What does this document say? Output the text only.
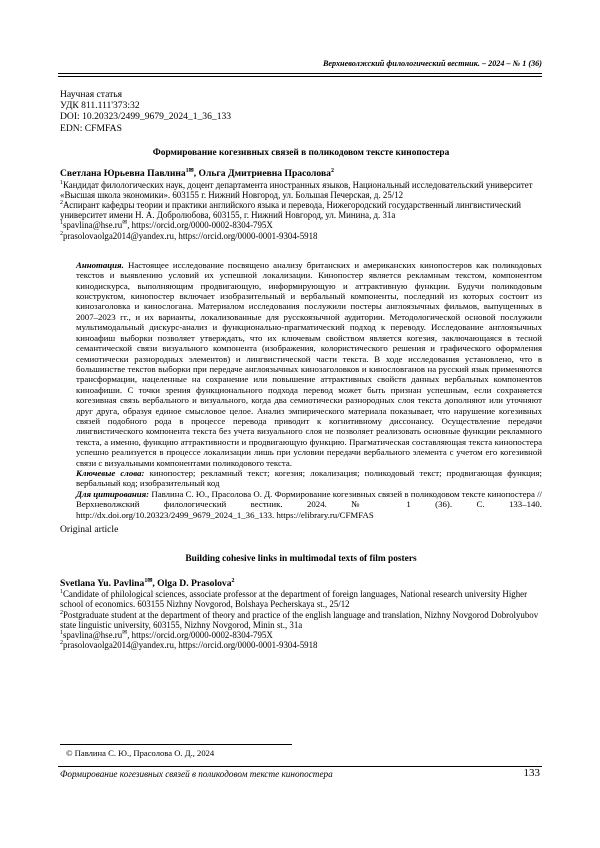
Верхневолжский филологический вестник. – 2024 – № 1 (36)
Научная статья
УДК 811.111'373:32
DOI: 10.20323/2499_9679_2024_1_36_133
EDN: CFMFAS
Формирование когезивных связей в поликодовом тексте кинопостера
Светлана Юрьевна Павлина$^{1✉}$, Ольга Дмитриевна Прасолова$^2$

$^1$Кандидат филологических наук, доцент департамента иностранных языков, Национальный исследовательский университет «Высшая школа экономики». 603155 г. Нижний Новгород, ул. Большая Печерская, д. 25/12

$^2$Аспирант кафедры теории и практики английского языка и перевода, Нижегородский государственный лингвистический университет имени Н. А. Добролюбова, 603155, г. Нижний Новгород, ул. Минина, д. 31а

$^1$spavlina@hse.ru✉, https://orcid.org/0000-0002-8304-795X

$^2$prasolovaolga2014@yandex.ru, https://orcid.org/0000-0001-9304-5918

Аннотация. Настоящее исследование посвящено анализу британских и американских кинопостеров как поликодовых текстов и выявлению условий их успешной локализации. Кинопостер является рекламным текстом, компонентом кинодискурса, выполняющим продвигающую, информирующую и аттрактивную функции. Будучи поликодовым конструктом, кинопостер включает изобразительный и вербальный компоненты, последний из которых состоит из кинозаголовка и кинослогана. Материалом исследования послужили постеры англоязычных фильмов, выпущенных в 2007–2023 гг., и их варианты, локализованные для русскоязычной аудитории. Методологической основой послужили мультимодальный дискурс-анализ и функционально-прагматический подход к переводу. Исследование англоязычных киноафиш выборки позволяет утверждать, что их ключевым свойством является когезия, заключающаяся в тесной семантической связи визуального компонента (изображения, колористического решения и графического оформления семиотически разнородных элементов) и лингвистической части текста. В ходе исследования установлено, что в большинстве текстов выборки при передаче англоязычных кинозаголовков и кинословганов на русский язык применяются трансформации, нацеленные на сохранение или повышение аттрактивных свойств данных вербальных компонентов киноафиши. С точки зрения функционального подхода перевод может быть признан успешным, если сохраняется когезивная связь вербального и визуального, когда два семиотически разнородных слоя текста дополняют или уточняют друг друга, образуя единое смысловое целое. Анализ эмпирического материала показывает, что нарушение когезивных связей подобного рода в процессе перевода приводит к когнитивному диссонансу. Осуществление передачи лингвистического компонента текста без учета визуального слоя не позволяет реализовать основные функции рекламного текста, а именно, функцию аттрактивности и продвигающую функцию. Прагматическая составляющая текста кинопостера успешно реализуется в процессе локализации лишь при условии передачи вербального элемента с учетом его когезивной связи с визуальными компонентами поликодового текста.

Ключевые слова: кинопостер; рекламный текст; когезия; локализация; поликодовый текст; продвигающая функция; вербальный код; изобразительный код

Для цитирования: Павлина С. Ю., Прасолова О. Д. Формирование когезивных связей в поликодовом тексте кинопостера // Верхневолжский филологический вестник. 2024. № 1 (36). С. 133–140. http://dx.doi.org/10.20323/2499_9679_2024_1_36_133. https://elibrary.ru/CFMFAS

Original article
Building cohesive links in multimodal texts of film posters
Svetlana Yu. Pavlina$^{1✉}$, Olga D. Prasolova$^2$

$^1$Candidate of philological sciences, associate professor at the department of foreign languages, National research university Higher school of economics. 603155 Nizhny Novgorod, Bolshaya Pecherskaya st., 25/12

$^2$Postgraduate student at the department of theory and practice of the english language and translation, Nizhny Novgorod Dobrolyubov state linguistic university, 603155, Nizhny Novgorod, Minin st., 31a

$^1$spavlina@hse.ru✉, https://orcid.org/0000-0002-8304-795X

$^2$prasolovaolga2014@yandex.ru, https://orcid.org/0000-0001-9304-5918

© Павлина С. Ю., Прасолова О. Д., 2024
Формирование когезивных связей в поликодовом тексте кинопостера	133
